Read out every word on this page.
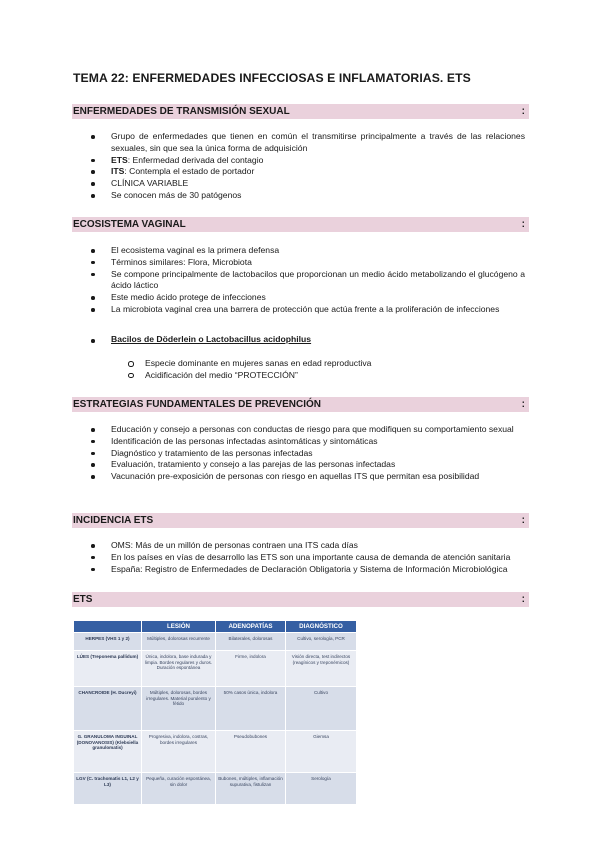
TEMA 22: ENFERMEDADES INFECCIOSAS E INFLAMATORIAS. ETS
ENFERMEDADES DE TRANSMISIÓN SEXUAL	:
Grupo de enfermedades que tienen en común el transmitirse principalmente a través de las relaciones sexuales, sin que sea la única forma de adquisición
ETS: Enfermedad derivada del contagio
ITS: Contempla el estado de portador
CLÍNICA VARIABLE
Se conocen más de 30 patógenos
ECOSISTEMA VAGINAL	:
El ecosistema vaginal es la primera defensa
Términos similares: Flora, Microbiota
Se compone principalmente de lactobacilos que proporcionan un medio ácido metabolizando el glucógeno a ácido láctico
Este medio ácido protege de infecciones
La microbiota vaginal crea una barrera de protección que actúa frente a la proliferación de infecciones
Bacilos de Döderlein o Lactobacillus acidophilus
Especie dominante en mujeres sanas en edad reproductiva
Acidificación del medio “PROTECCIÓN”
ESTRATEGIAS FUNDAMENTALES DE PREVENCIÓN	:
Educación y consejo a personas con conductas de riesgo para que modifiquen su comportamiento sexual
Identificación de las personas infectadas asintomáticas y sintomáticas
Diagnóstico y tratamiento de las personas infectadas
Evaluación, tratamiento y consejo a las parejas de las personas infectadas
Vacunación pre-exposición de personas con riesgo en aquellas ITS que permitan esa posibilidad
INCIDENCIA ETS	:
OMS: Más de un millón de personas contraen una ITS cada días
En los países en vías de desarrollo las ETS son una importante causa de demanda de atención sanitaria
España: Registro de Enfermedades de Declaración Obligatoria y Sistema de Información Microbiológica
ETS	:
	LESIÓN	ADENOPATÍAS	DIAGNÓSTICO
HERPES (VHS 1 y 2)	Múltiples, dolorosas recurrente	Bilaterales, dolorosas	Cultivo, serología, PCR
LÚES (Treponema pallidum)	Única, indolora, base indurada y limpia. Bordes regulares y duros. Duración espontánea	Firme, indolora	Visión directa, test indirectos (reagínicos y treponémicos)
CHANCROIDE (H. Ducreyi)	Múltiples, dolorosas, bordes irregulares. Material purulento y fétido	50% casos única, indolora	Cultivo
G. GRANULOMA INGUINAL (DONOVANOSIS) (Klebsiella granulomatis)	Progresiva, indolora, costras, bordes irregulares	Pseudobubones	Giemsa
LGV (C. trachomatis L1, L2 y L3)	Pequeña, curación espontánea, sin dolor	Bubones, múltiples, inflamación supurativa, fistulizan	Serología
